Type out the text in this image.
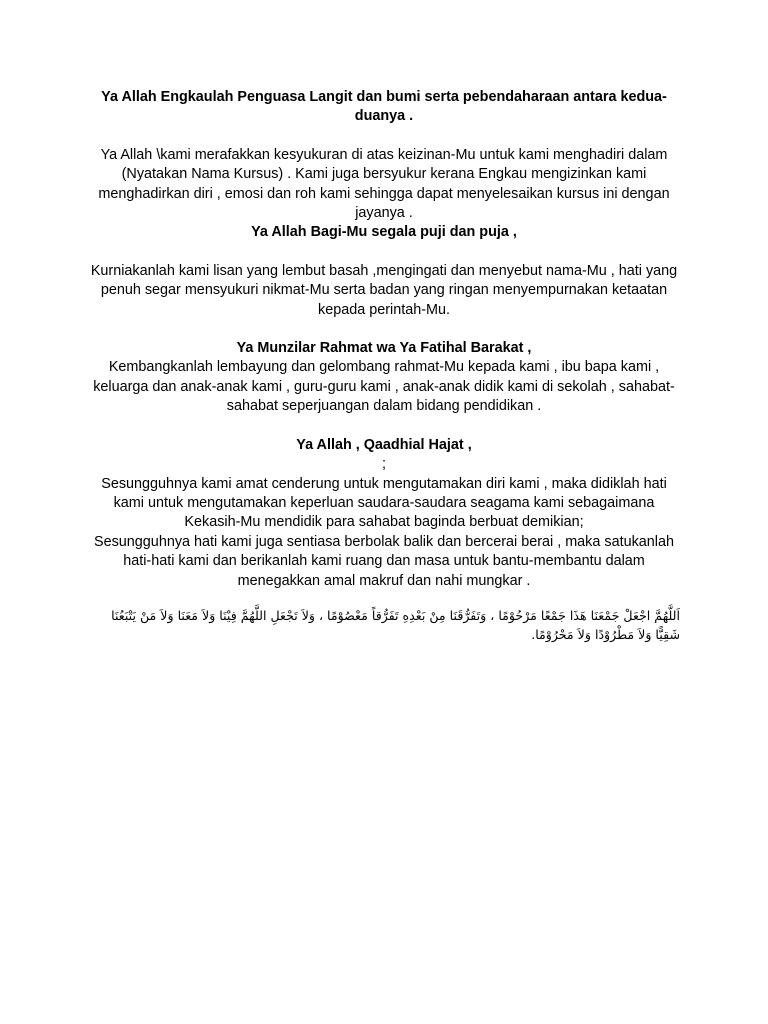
Ya Allah Engkaulah Penguasa Langit dan bumi serta pebendaharaan antara kedua-duanya .
Ya Allah \kami merafakkan kesyukuran di atas keizinan-Mu untuk kami menghadiri dalam (Nyatakan Nama Kursus) . Kami juga bersyukur kerana Engkau mengizinkan kami menghadirkan diri , emosi dan roh kami sehingga dapat menyelesaikan kursus ini dengan jayanya .
Ya Allah Bagi-Mu segala puji dan puja ,
Kurniakanlah kami lisan yang lembut basah ,mengingati dan menyebut nama-Mu , hati yang penuh segar mensyukuri nikmat-Mu serta badan yang ringan menyempurnakan ketaatan kepada perintah-Mu.
Ya Munzilar Rahmat wa Ya Fatihal Barakat ,
Kembangkanlah lembayung dan gelombang rahmat-Mu kepada kami , ibu bapa kami , keluarga dan anak-anak kami , guru-guru kami , anak-anak didik kami di sekolah , sahabat-sahabat seperjuangan dalam bidang pendidikan .
Ya Allah , Qaadhial Hajat ,
;
Sesungguhnya kami amat cenderung untuk mengutamakan diri kami , maka didiklah hati kami untuk mengutamakan keperluan saudara-saudara seagama kami sebagaimana Kekasih-Mu mendidik para sahabat baginda berbuat demikian;
Sesungguhnya hati kami juga sentiasa berbolak balik dan bercerai berai , maka satukanlah hati-hati kami dan berikanlah kami ruang dan masa untuk bantu-membantu dalam menegakkan amal makruf dan nahi mungkar .
اَللَّهُمَّ اجْعَلْ جَمْعَنَا هَذَا جَمْعًا مَرْحُوْمًا ، وَتَفَرُّقَنَا مِنْ بَعْدِهِ تَفَرُّقاً مَعْصُوْمًا ، وَلاَ تَجْعَلِ اللَّهُمَّ فِيْنَا وَلاَ مَعَنَا وَلاَ مَنْ يَتْبَعُنَا شَقِيًّا وَلاَ مَطْرُوْدًا وَلاَ مَحْرُوْمًا.
